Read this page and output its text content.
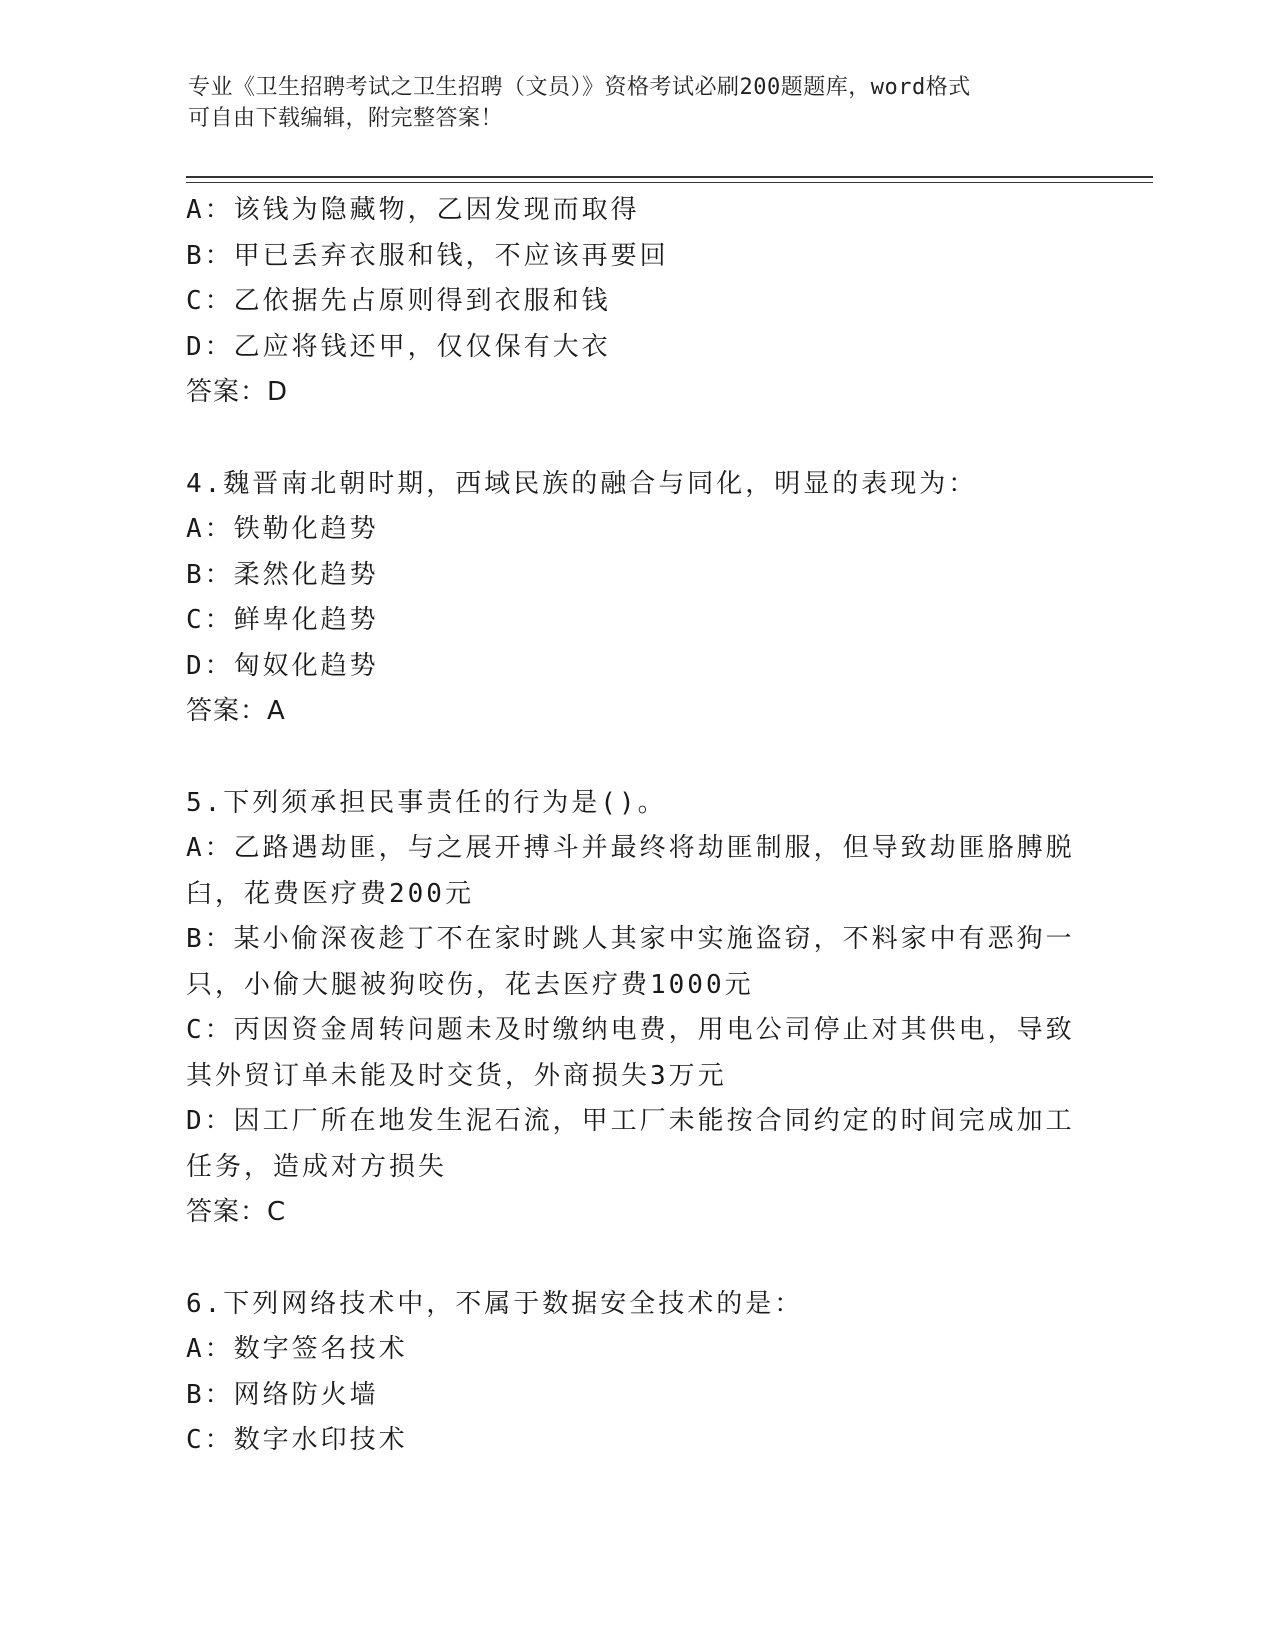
专业《卫生招聘考试之卫生招聘（文员）》资格考试必刷200题题库，word格式
可自由下载编辑，附完整答案！
A：该钱为隐藏物，乙因发现而取得
B：甲已丢弃衣服和钱，不应该再要回
C：乙依据先占原则得到衣服和钱
D：乙应将钱还甲，仅仅保有大衣
答案：D
4.魏晋南北朝时期，西域民族的融合与同化，明显的表现为：
A：铁勒化趋势
B：柔然化趋势
C：鲜卑化趋势
D：匈奴化趋势
答案：A
5.下列须承担民事责任的行为是()。
A：乙路遇劫匪，与之展开搏斗并最终将劫匪制服，但导致劫匪胳膊脱臼，花费医疗费200元
B：某小偷深夜趁丁不在家时跳人其家中实施盗窃，不料家中有恶狗一只，小偷大腿被狗咬伤，花去医疗费1000元
C：丙因资金周转问题未及时缴纳电费，用电公司停止对其供电，导致其外贸订单未能及时交货，外商损失3万元
D：因工厂所在地发生泥石流，甲工厂未能按合同约定的时间完成加工任务，造成对方损失
答案：C
6.下列网络技术中，不属于数据安全技术的是：
A：数字签名技术
B：网络防火墙
C：数字水印技术
